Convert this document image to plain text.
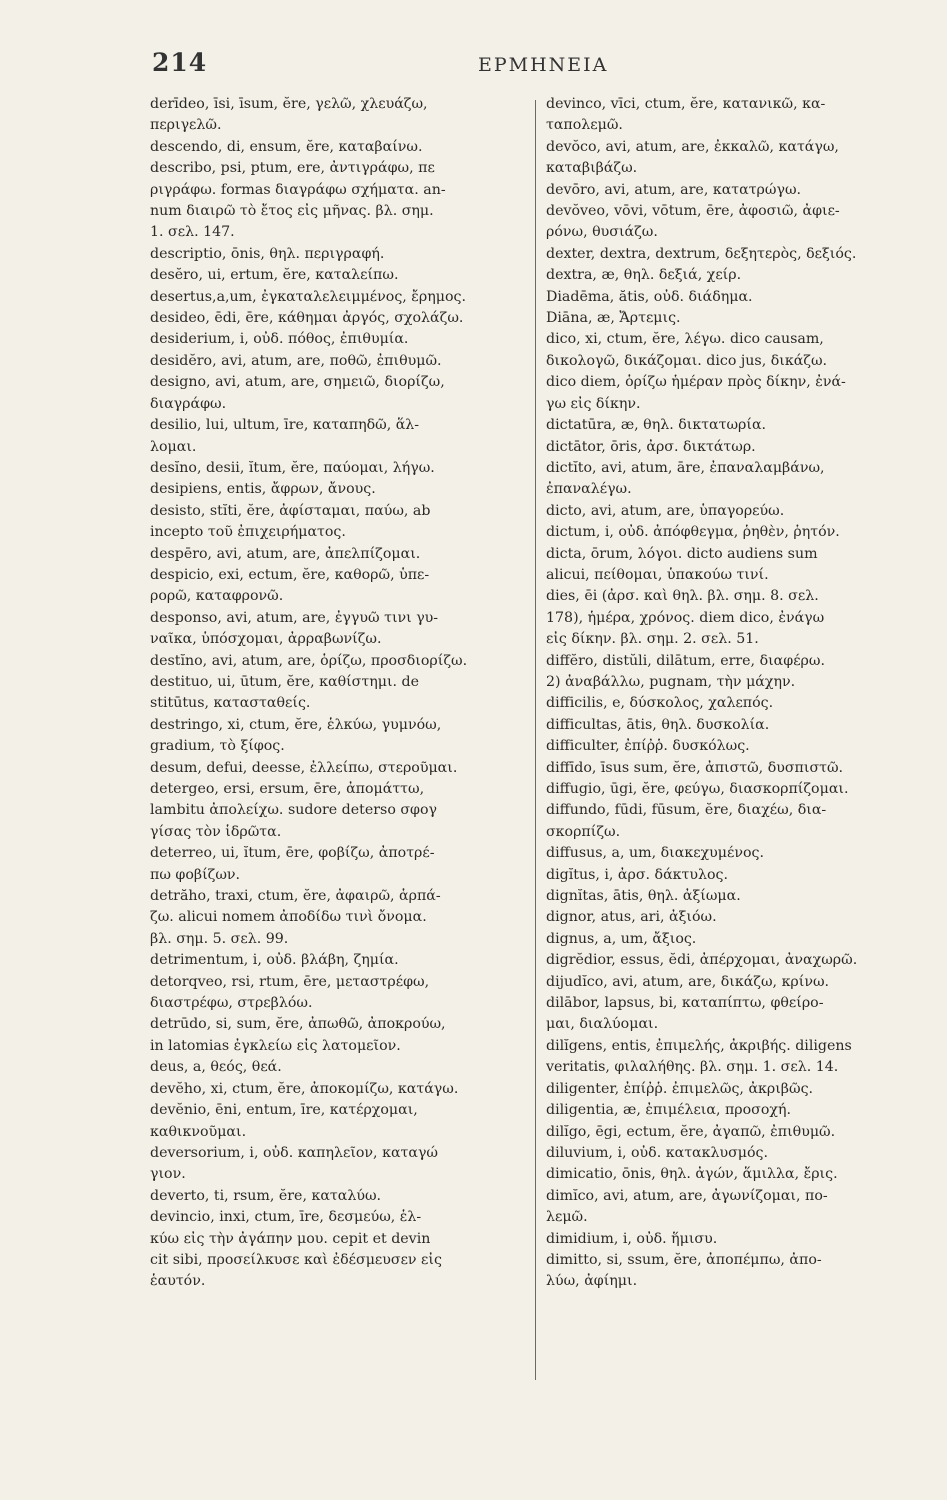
214	ΕΡΜΗΝΕΙΑ

derīdeo, īsi, īsum, ĕre, γελῶ, χλευάζω,
περιγελῶ.

descendo, di, ensum, ĕre, καταβαίνω.

describo, psi, ptum, ere, ἀντιγράφω, πε
ριγράφω. formas διαγράφω σχήματα. an-
num διαιρῶ τὸ ἔτος εἰς μῆνας. βλ. σημ.
1. σελ. 147.

descriptio, ōnis, θηλ. περιγραφή.

desĕro, ui, ertum, ĕre, καταλείπω.

desertus,a,um, ἐγκαταλελειμμένος, ἔρημος.

desideo, ēdi, ēre, κάθημαι ἀργός, σχολάζω.

desiderium, i, οὐδ. πόθος, ἐπιθυμία.

desidĕro, avi, atum, are, ποθῶ, ἐπιθυμῶ.

designo, avi, atum, are, σημειῶ, διορίζω,
διαγράφω.

desilio, lui, ultum, īre, καταπηδῶ, ἅλ-
λομαι.

desĭno, desii, ĭtum, ĕre, παύομαι, λήγω.

desipiens, entis, ἄφρων, ἄνους.

desisto, stĭti, ĕre, ἀφίσταμαι, παύω, ab
incepto τοῦ ἐπιχειρήματος.

despēro, avi, atum, are, ἀπελπίζομαι.

despicio, exi, ectum, ĕre, καθορῶ, ὑπε-
ρορῶ, καταφρονῶ.

desponso, avi, atum, are, ἐγγυῶ τινι γυ-
ναῖκα, ὑπόσχομαι, ἀρραβωνίζω.

destĭno, avi, atum, are, ὁρίζω, προσδιορίζω.

destituo, ui, ūtum, ĕre, καθίστημι. de
stitūtus, κατασταθείς.

destringo, xi, ctum, ĕre, ἑλκύω, γυμνόω,
gradium, τὸ ξίφος.

desum, defui, deesse, ἐλλείπω, στεροῦμαι.

detergeo, ersi, ersum, ēre, ἀπομάττω,
lambitu ἀπολείχω. sudore deterso σφογ
γίσας τὸν ἱδρῶτα.

deterreo, ui, ĭtum, ēre, φοβίζω, ἀποτρέ-
πω φοβίζων.

detrăho, traxi, ctum, ĕre, ἀφαιρῶ, ἁρπά-
ζω. alicui nomem ἀποδίδω τινὶ ὄνομα.
βλ. σημ. 5. σελ. 99.

detrimentum, i, οὐδ. βλάβη, ζημία.

detorqveo, rsi, rtum, ēre, μεταστρέφω,
διαστρέφω, στρεβλόω.

detrūdo, si, sum, ĕre, ἀπωθῶ, ἀποκρούω,
in latomias ἐγκλείω εἰς λατομεῖον.

deus, a, θεός, θεά.

devĕho, xi, ctum, ĕre, ἀποκομίζω, κατάγω.

devĕnio, ēni, entum, īre, κατέρχομαι,
καθικνοῦμαι.

deversorium, i, οὐδ. καπηλεῖον, καταγώ
γιον.

deverto, ti, rsum, ĕre, καταλύω.

devincio, inxi, ctum, īre, δεσμεύω, ἑλ-
κύω εἰς τὴν ἀγάπην μου. cepit et devin
cit sibi, προσείλκυσε καὶ ἐδέσμευσεν εἰς
ἑαυτόν.

devinco, vīci, ctum, ĕre, κατανικῶ, κα-
ταπολεμῶ.

devŏco, avi, atum, are, ἐκκαλῶ, κατάγω,
καταβιβάζω.

devōro, avi, atum, are, κατατρώγω.

devŏveo, vōvi, vōtum, ēre, ἀφοσιῶ, ἀφιε-
ρόνω, θυσιάζω.

dexter, dextra, dextrum, δεξητερὸς, δεξιός.

dextra, æ, θηλ. δεξιά, χείρ.

Diadēma, ătis, οὐδ. διάδημα.

Diāna, æ, Ἄρτεμις.

dico, xi, ctum, ĕre, λέγω. dico causam,
δικολογῶ, δικάζομαι. dico jus, δικάζω.
dico diem, ὁρίζω ἡμέραν πρὸς δίκην, ἐνά-
γω εἰς δίκην.

dictatūra, æ, θηλ. δικτατωρία.

dictātor, ōris, ἀρσ. δικτάτωρ.

dictĭto, avi, atum, āre, ἐπαναλαμβάνω,
ἐπαναλέγω.

dicto, avi, atum, are, ὑπαγορεύω.

dictum, i, οὐδ. ἀπόφθεγμα, ῥηθὲν, ῥητόν.

dicta, ōrum, λόγοι. dicto audiens sum
alicui, πείθομαι, ὑπακούω τινί.

dies, ēi (ἀρσ. καὶ θηλ. βλ. σημ. 8. σελ.
178), ἡμέρα, χρόνος. diem dico, ἐνάγω
εἰς δίκην. βλ. σημ. 2. σελ. 51.

diffĕro, distŭli, dilātum, erre, διαφέρω.
2) ἀναβάλλω, pugnam, τὴν μάχην.

difficilis, e, δύσκολος, χαλεπός.

difficultas, ātis, θηλ. δυσκολία.

difficulter, ἐπίῤῥ. δυσκόλως.

diffīdo, īsus sum, ĕre, ἀπιστῶ, δυσπιστῶ.

diffugio, ūgi, ĕre, φεύγω, διασκορπίζομαι.

diffundo, fūdi, fūsum, ĕre, διαχέω, δια-
σκορπίζω.

diffusus, a, um, διακεχυμένος.

digĭtus, i, ἀρσ. δάκτυλος.

dignĭtas, ātis, θηλ. ἀξίωμα.

dignor, atus, ari, ἀξιόω.

dignus, a, um, ἄξιος.

digrĕdior, essus, ĕdi, ἀπέρχομαι, ἀναχωρῶ.

dijudĭco, avi, atum, are, δικάζω, κρίνω.

dilābor, lapsus, bi, καταπίπτω, φθείρο-
μαι, διαλύομαι.

dilĭgens, entis, ἐπιμελής, ἀκριβής. diligens
veritatis, φιλαλήθης. βλ. σημ. 1. σελ. 14.

diligenter, ἐπίῤῥ. ἐπιμελῶς, ἀκριβῶς.

diligentia, æ, ἐπιμέλεια, προσοχή.

dilĭgo, ēgi, ectum, ĕre, ἀγαπῶ, ἐπιθυμῶ.

diluvium, i, οὐδ. κατακλυσμός.

dimicatio, ōnis, θηλ. ἀγών, ἅμιλλα, ἔρις.

dimĭco, avi, atum, are, ἀγωνίζομαι, πο-
λεμῶ.

dimidium, i, οὐδ. ἥμισυ.

dimitto, si, ssum, ĕre, ἀποπέμπω, ἀπο-
λύω, ἀφίημι.
